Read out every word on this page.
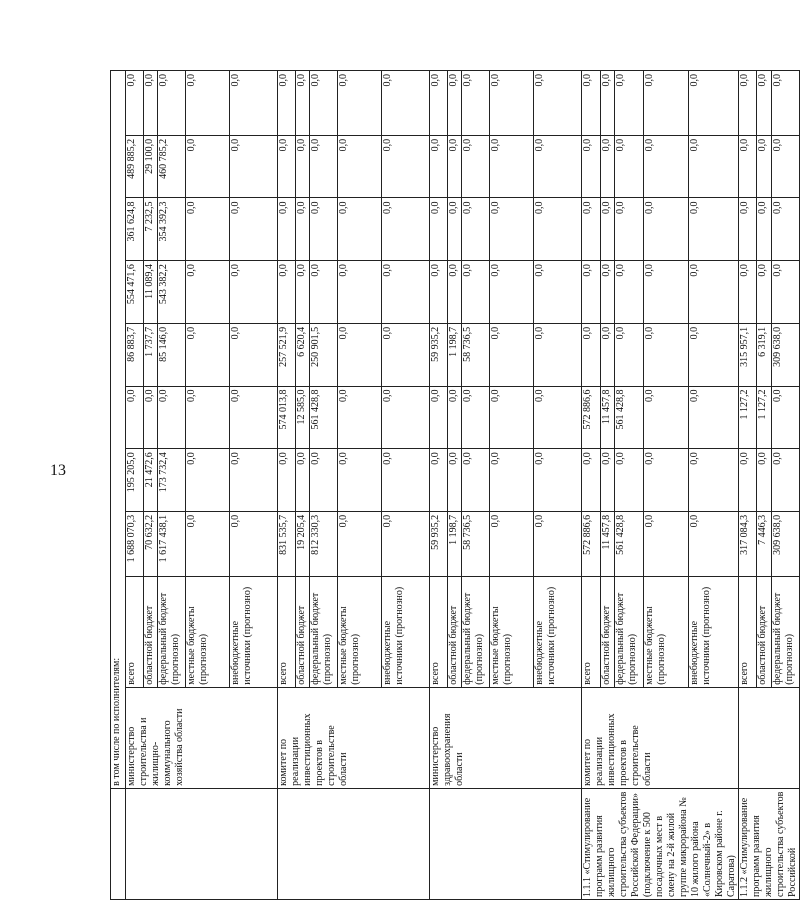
13
	в том числе по исполнителям:									
	министерство строительства и жилищно-коммунального хозяйства области	всего	1 688 070,3	195 205,0	0,0	86 883,7	554 471,6	361 624,8	489 885,2	0,0
		областной бюджет	70 632,2	21 472,6	0,0	1 737,7	11 089,4	7 232,5	29 100,0	0,0
		федеральный бюджет (прогнозно)	1 617 438,1	173 732,4	0,0	85 146,0	543 382,2	354 392,3	460 785,2	0,0
		местные бюджеты (прогнозно)	0,0	0,0	0,0	0,0	0,0	0,0	0,0	0,0
		внебюджетные источники (прогнозно)	0,0	0,0	0,0	0,0	0,0	0,0	0,0	0,0
	комитет по реализации инвестиционных проектов в строительстве области	всего	831 535,7	0,0	574 013,8	257 521,9	0,0	0,0	0,0	0,0
		областной бюджет	19 205,4	0,0	12 585,0	6 620,4	0,0	0,0	0,0	0,0
		федеральный бюджет (прогнозно)	812 330,3	0,0	561 428,8	250 901,5	0,0	0,0	0,0	0,0
		местные бюджеты (прогнозно)	0,0	0,0	0,0	0,0	0,0	0,0	0,0	0,0
		внебюджетные источники (прогнозно)	0,0	0,0	0,0	0,0	0,0	0,0	0,0	0,0
	министерство здравоохранения области	всего	59 935,2	0,0	0,0	59 935,2	0,0	0,0	0,0	0,0
		областной бюджет	1 198,7	0,0	0,0	1 198,7	0,0	0,0	0,0	0,0
		федеральный бюджет (прогнозно)	58 736,5	0,0	0,0	58 736,5	0,0	0,0	0,0	0,0
		местные бюджеты (прогнозно)	0,0	0,0	0,0	0,0	0,0	0,0	0,0	0,0
		внебюджетные источники (прогнозно)	0,0	0,0	0,0	0,0	0,0	0,0	0,0	0,0
1.1.1 «Стимулирование программ развития жилищного строительства субъектов Российской Федерации» (подключение к 500 посадочных мест в смену на 2-й жилой группе микрорайона № 10 жилого района «Солнечный-2» в Кировском районе г. Саратова)	комитет по реализации инвестиционных проектов в строительстве области	всего	572 886,6	0,0	572 886,6	0,0	0,0	0,0	0,0	0,0
		областной бюджет	11 457,8	0,0	11 457,8	0,0	0,0	0,0	0,0	0,0
		федеральный бюджет (прогнозно)	561 428,8	0,0	561 428,8	0,0	0,0	0,0	0,0	0,0
		местные бюджеты (прогнозно)	0,0	0,0	0,0	0,0	0,0	0,0	0,0	0,0
		внебюджетные источники (прогнозно)	0,0	0,0	0,0	0,0	0,0	0,0	0,0	0,0
1.1.2 «Стимулирование программ развития жилищного строительства субъектов Российской		всего	317 084,3	0,0	1 127,2	315 957,1	0,0	0,0	0,0	0,0
		областной бюджет	7 446,3	0,0	1 127,2	6 319,1	0,0	0,0	0,0	0,0
		федеральный бюджет (прогнозно)	309 638,0	0,0	0,0	309 638,0	0,0	0,0	0,0	0,0
